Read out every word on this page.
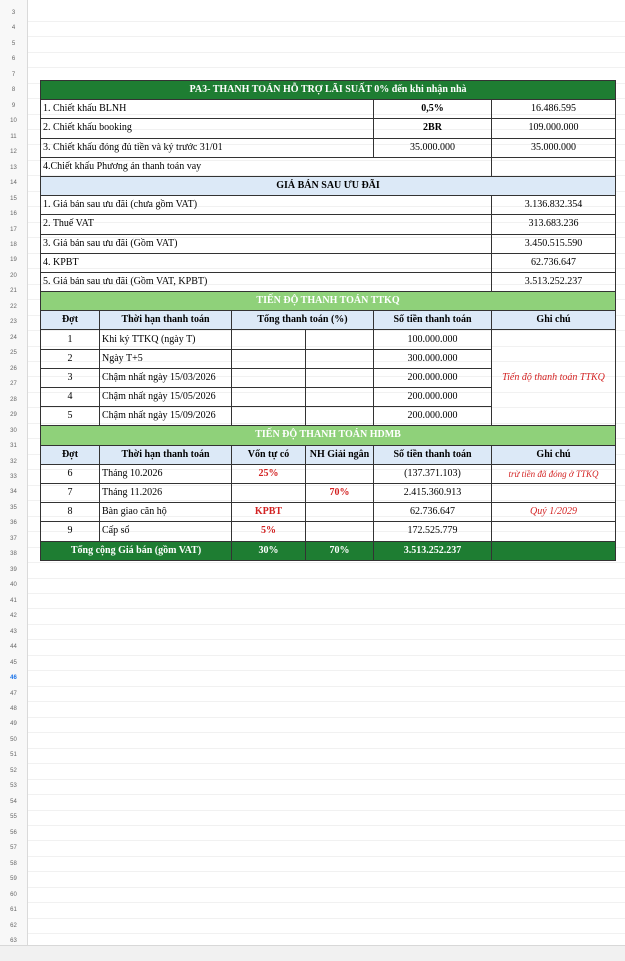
3
4
5
6
7
8
9
10
11
12
13
14
15
16
17
18
19
20
21
22
23
24
25
26
27
28
29
30
31
32
33
34
35
36
37
38
39
40
41
42
43
44
45
46
47
48
49
50
51
52
53
54
55
56
57
58
59
60
61
62
63
PA3- THANH TOÁN HỖ TRỢ LÃI SUẤT 0% đến khi nhận nhà					
1. Chiết khấu BLNH				0,5%	16.486.595
2. Chiết khấu booking				2BR	109.000.000
3. Chiết khấu đóng đủ tiền và ký trước 31/01				35.000.000	35.000.000
4.Chiết khấu Phương án thanh toán vay					
GIÁ BÁN SAU ƯU ĐÃI					
1. Giá bán sau ưu đãi (chưa gồm VAT)					3.136.832.354
2. Thuế VAT					313.683.236
3. Giá bán sau ưu đãi (Gồm VAT)					3.450.515.590
4. KPBT					62.736.647
5. Giá bán sau ưu đãi (Gồm VAT, KPBT)					3.513.252.237
TIẾN ĐỘ THANH TOÁN TTKQ					
Đợt	Thời hạn thanh toán	Tổng thanh toán (%)		Số tiền thanh toán	Ghi chú
1	Khi ký TTKQ (ngày T)			100.000.000	Tiến độ thanh toán TTKQ
2	Ngày T+5			300.000.000	
3	Chậm nhất ngày 15/03/2026			200.000.000	
4	Chậm nhất ngày 15/05/2026			200.000.000	
5	Chậm nhất ngày 15/09/2026			200.000.000	
TIẾN ĐỘ THANH TOÁN HDMB					
Đợt	Thời hạn thanh toán	Vốn tự có	NH Giải ngân	Số tiền thanh toán	Ghi chú
6	Tháng 10.2026	25%		(137.371.103)	trừ tiền đã đóng ở TTKQ
7	Tháng 11.2026		70%	2.415.360.913	
8	Bàn giao căn hộ	KPBT		62.736.647	Quý 1/2029
9	Cấp sổ	5%		172.525.779	
Tổng cộng Giá bán (gồm VAT)		30%	70%	3.513.252.237	
